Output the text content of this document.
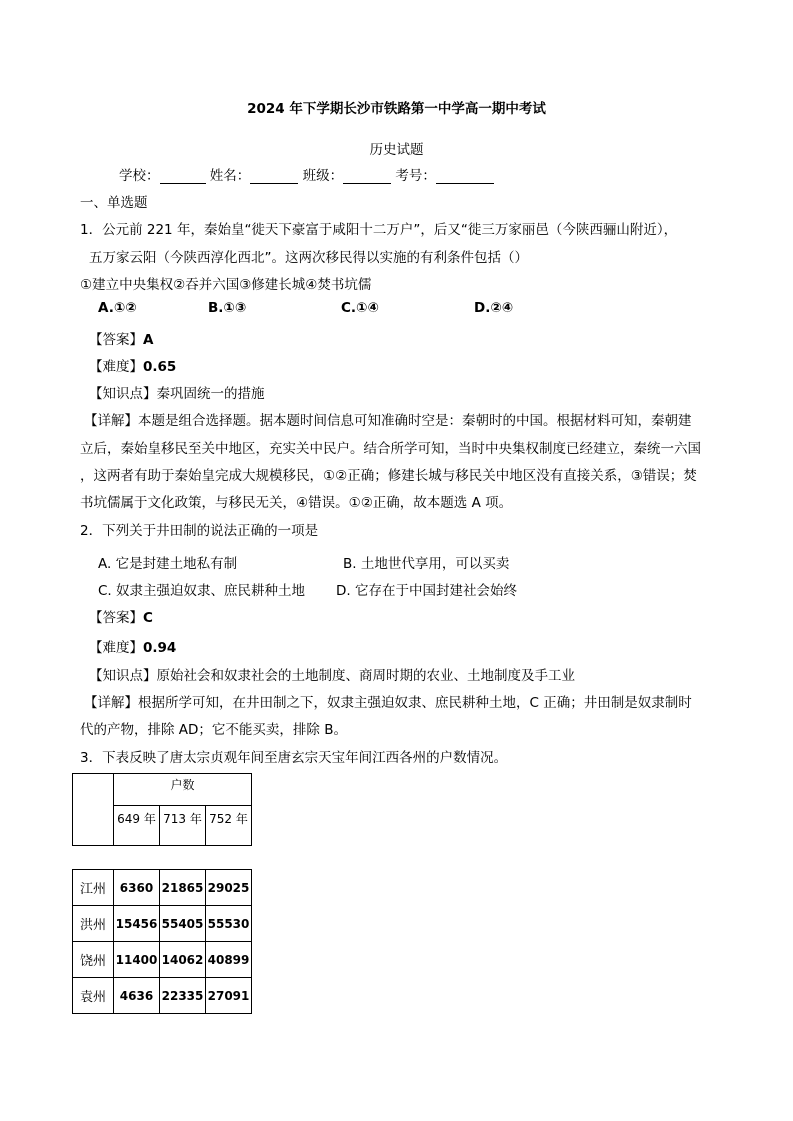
2024 年下学期长沙市铁路第一中学高一期中考试
历史试题
学校：	姓名：	班级：	考号：
一、单选题
1．公元前 221 年，秦始皇“徙天下豪富于咸阳十二万户”，后又“徙三万家丽邑（今陕西骊山附近），
五万家云阳（今陕西淳化西北”。这两次移民得以实施的有利条件包括（）
①建立中央集权②吞并六国③修建长城④焚书坑儒
A.①②	B.①③	C.①④	D.②④
【答案】A
【难度】0.65
【知识点】秦巩固统一的措施
【详解】本题是组合选择题。据本题时间信息可知准确时空是：秦朝时的中国。根据材料可知，秦朝建
立后，秦始皇移民至关中地区，充实关中民户。结合所学可知，当时中央集权制度已经建立，秦统一六国
，这两者有助于秦始皇完成大规模移民，①②正确；修建长城与移民关中地区没有直接关系，③错误；焚
书坑儒属于文化政策，与移民无关，④错误。①②正确，故本题选 A 项。
2．下列关于井田制的说法正确的一项是
A. 它是封建土地私有制	B. 土地世代享用，可以买卖
C. 奴隶主强迫奴隶、庶民耕种土地 D. 它存在于中国封建社会始终
【答案】C
【难度】0.94
【知识点】原始社会和奴隶社会的土地制度、商周时期的农业、土地制度及手工业
【详解】根据所学可知，在井田制之下，奴隶主强迫奴隶、庶民耕种土地，C 正确；井田制是奴隶制时
代的产物，排除 AD；它不能买卖，排除 B。
3．下表反映了唐太宗贞观年间至唐玄宗天宝年间江西各州的户数情况。
	户数		
	649 年	713 年	752 年
江州	6360	21865	29025
洪州	15456	55405	55530
饶州	11400	14062	40899
袁州	4636	22335	27091
